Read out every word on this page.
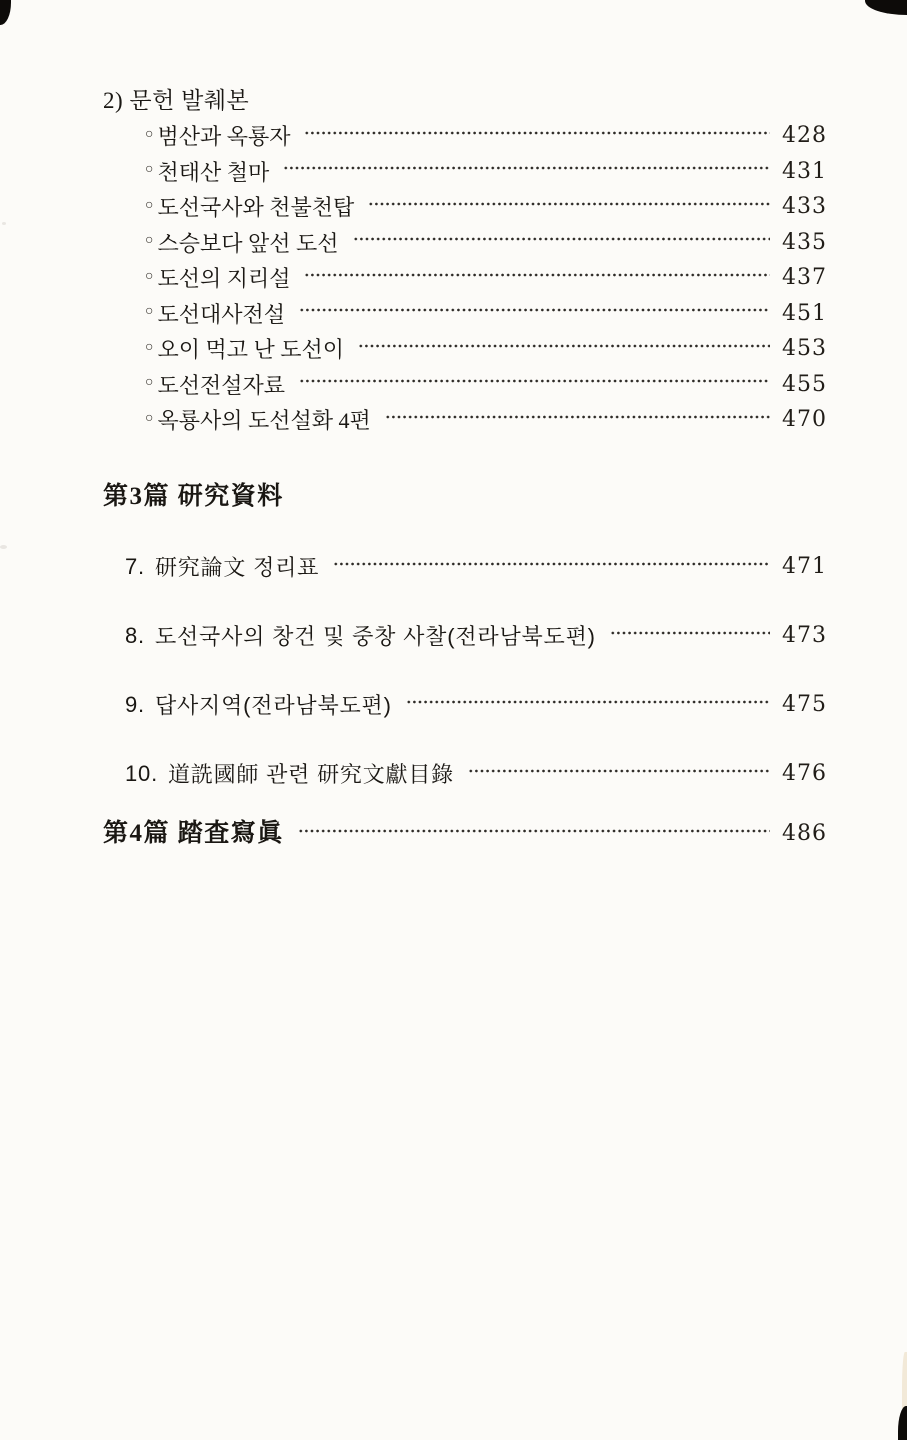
2) 문헌 발췌본
○ 범산과 옥룡자	428
○ 천태산 철마	431
○ 도선국사와 천불천탑	433
○ 스승보다 앞선 도선	435
○ 도선의 지리설	437
○ 도선대사전설	451
○ 오이 먹고 난 도선이	453
○ 도선전설자료	455
○ 옥룡사의 도선설화 4편	470
第3篇 研究資料
7. 研究論文 정리표	471
8. 도선국사의 창건 및 중창 사찰(전라남북도편)	473
9. 답사지역(전라남북도편)	475
10. 道詵國師 관련 研究文獻目錄	476
第4篇 踏査寫眞	486
